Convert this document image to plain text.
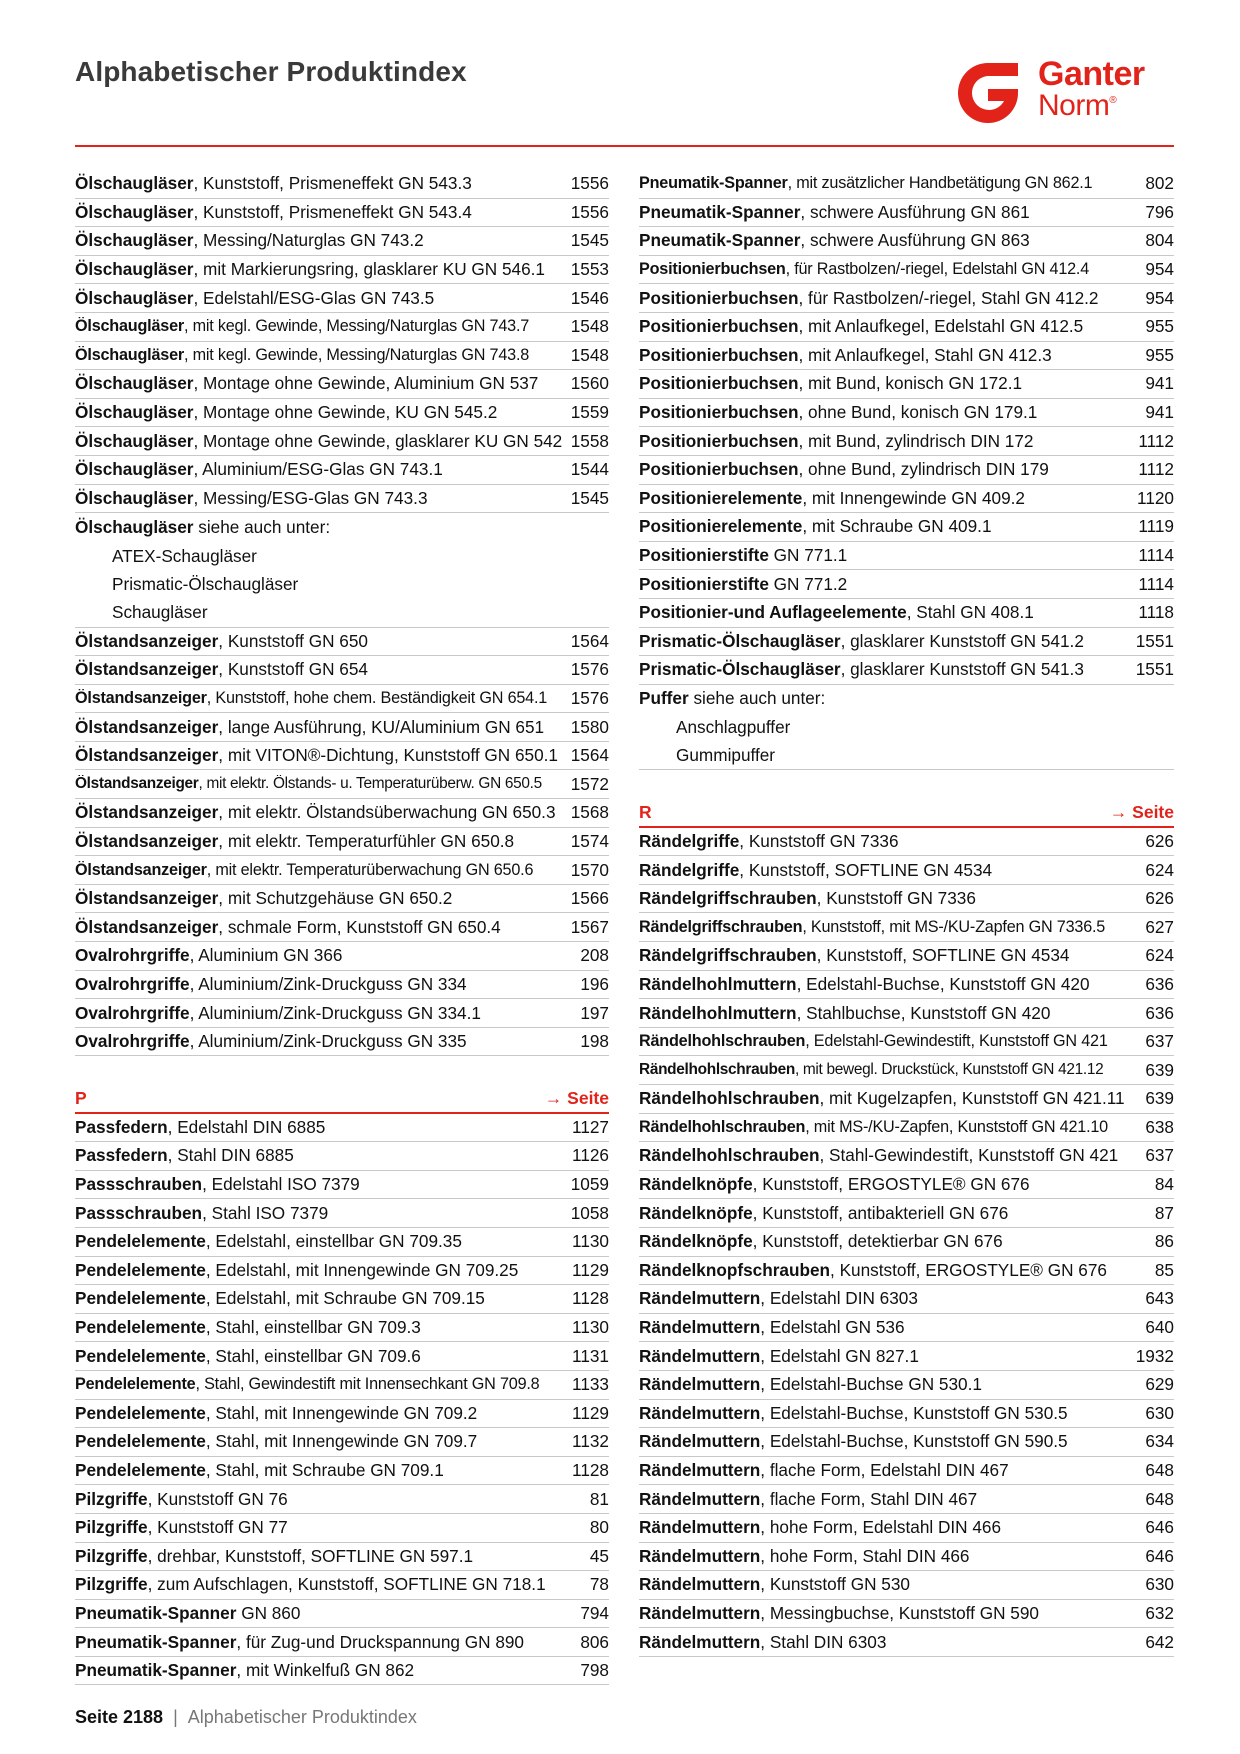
Alphabetischer Produktindex	Ganter
Norm®
Ölschaugläser, Kunststoff, Prismeneffekt GN 543.3	1556
Ölschaugläser, Kunststoff, Prismeneffekt GN 543.4	1556
Ölschaugläser, Messing/Naturglas GN 743.2	1545
Ölschaugläser, mit Markierungsring, glasklarer KU GN 546.1 1553
Ölschaugläser, Edelstahl/ESG-Glas GN 743.5	1546
Ölschaugläser, mit kegl. Gewinde, Messing/Naturglas GN 743.7 1548
Ölschaugläser, mit kegl. Gewinde, Messing/Naturglas GN 743.8 1548
Ölschaugläser, Montage ohne Gewinde, Aluminium GN 537 1560
Ölschaugläser, Montage ohne Gewinde, KU GN 545.2	1559
Ölschaugläser, Montage ohne Gewinde, glasklarer KU GN 542 1558
Ölschaugläser, Aluminium/ESG-Glas GN 743.1	1544
Ölschaugläser, Messing/ESG-Glas GN 743.3	1545
Ölschaugläser siehe auch unter:
ATEX-Schaugläser
Prismatic-Ölschaugläser
Schaugläser
Ölstandsanzeiger, Kunststoff GN 650	1564
Ölstandsanzeiger, Kunststoff GN 654	1576
Ölstandsanzeiger, Kunststoff, hohe chem. Beständigkeit GN 654.1 1576
Ölstandsanzeiger, lange Ausführung, KU/Aluminium GN 651 1580
Ölstandsanzeiger, mit VITON®-Dichtung, Kunststoff GN 650.1 1564
Ölstandsanzeiger, mit elektr. Ölstands- u. Temperaturüberw. GN 650.5 1572
Ölstandsanzeiger, mit elektr. Ölstandsüberwachung GN 650.3 1568
Ölstandsanzeiger, mit elektr. Temperaturfühler GN 650.8	1574
Ölstandsanzeiger, mit elektr. Temperaturüberwachung GN 650.6 1570
Ölstandsanzeiger, mit Schutzgehäuse GN 650.2	1566
Ölstandsanzeiger, schmale Form, Kunststoff GN 650.4	1567
Ovalrohrgriffe, Aluminium GN 366	208
Ovalrohrgriffe, Aluminium/Zink-Druckguss GN 334	196
Ovalrohrgriffe, Aluminium/Zink-Druckguss GN 334.1	197
Ovalrohrgriffe, Aluminium/Zink-Druckguss GN 335	198
P	→ Seite
Passfedern, Edelstahl DIN 6885	1127
Passfedern, Stahl DIN 6885	1126
Passschrauben, Edelstahl ISO 7379	1059
Passschrauben, Stahl ISO 7379	1058
Pendelelemente, Edelstahl, einstellbar GN 709.35	1130
Pendelelemente, Edelstahl, mit Innengewinde GN 709.25	1129
Pendelelemente, Edelstahl, mit Schraube GN 709.15	1128
Pendelelemente, Stahl, einstellbar GN 709.3	1130
Pendelelemente, Stahl, einstellbar GN 709.6	1131
Pendelelemente, Stahl, Gewindestift mit Innensechkant GN 709.8 1133
Pendelelemente, Stahl, mit Innengewinde GN 709.2	1129
Pendelelemente, Stahl, mit Innengewinde GN 709.7	1132
Pendelelemente, Stahl, mit Schraube GN 709.1	1128
Pilzgriffe, Kunststoff GN 76	81
Pilzgriffe, Kunststoff GN 77	80
Pilzgriffe, drehbar, Kunststoff, SOFTLINE GN 597.1	45
Pilzgriffe, zum Aufschlagen, Kunststoff, SOFTLINE GN 718.1	78
Pneumatik-Spanner GN 860	794
Pneumatik-Spanner, für Zug-und Druckspannung GN 890	806
Pneumatik-Spanner, mit Winkelfuß GN 862	798
Pneumatik-Spanner, mit zusätzlicher Handbetätigung GN 862.1	802
Pneumatik-Spanner, schwere Ausführung GN 861	796
Pneumatik-Spanner, schwere Ausführung GN 863	804
Positionierbuchsen, für Rastbolzen/-riegel, Edelstahl GN 412.4	954
Positionierbuchsen, für Rastbolzen/-riegel, Stahl GN 412.2	954
Positionierbuchsen, mit Anlaufkegel, Edelstahl GN 412.5	955
Positionierbuchsen, mit Anlaufkegel, Stahl GN 412.3	955
Positionierbuchsen, mit Bund, konisch GN 172.1	941
Positionierbuchsen, ohne Bund, konisch GN 179.1	941
Positionierbuchsen, mit Bund, zylindrisch DIN 172	1112
Positionierbuchsen, ohne Bund, zylindrisch DIN 179	1112
Positionierelemente, mit Innengewinde GN 409.2	1120
Positionierelemente, mit Schraube GN 409.1	1119
Positionierstifte GN 771.1	1114
Positionierstifte GN 771.2	1114
Positionier-und Auflageelemente, Stahl GN 408.1	1118
Prismatic-Ölschaugläser, glasklarer Kunststoff GN 541.2	1551
Prismatic-Ölschaugläser, glasklarer Kunststoff GN 541.3	1551
Puffer siehe auch unter:
Anschlagpuffer
Gummipuffer
R	→ Seite
Rändelgriffe, Kunststoff GN 7336	626
Rändelgriffe, Kunststoff, SOFTLINE GN 4534	624
Rändelgriffschrauben, Kunststoff GN 7336	626
Rändelgriffschrauben, Kunststoff, mit MS-/KU-Zapfen GN 7336.5	627
Rändelgriffschrauben, Kunststoff, SOFTLINE GN 4534	624
Rändelhohlmuttern, Edelstahl-Buchse, Kunststoff GN 420	636
Rändelhohlmuttern, Stahlbuchse, Kunststoff GN 420	636
Rändelhohlschrauben, Edelstahl-Gewindestift, Kunststoff GN 421	637
Rändelhohlschrauben, mit bewegl. Druckstück, Kunststoff GN 421.12	639
Rändelhohlschrauben, mit Kugelzapfen, Kunststoff GN 421.11	639
Rändelhohlschrauben, mit MS-/KU-Zapfen, Kunststoff GN 421.10	638
Rändelhohlschrauben, Stahl-Gewindestift, Kunststoff GN 421	637
Rändelknöpfe, Kunststoff, ERGOSTYLE® GN 676	84
Rändelknöpfe, Kunststoff, antibakteriell GN 676	87
Rändelknöpfe, Kunststoff, detektierbar GN 676	86
Rändelknopfschrauben, Kunststoff, ERGOSTYLE® GN 676	85
Rändelmuttern, Edelstahl DIN 6303	643
Rändelmuttern, Edelstahl GN 536	640
Rändelmuttern, Edelstahl GN 827.1	1932
Rändelmuttern, Edelstahl-Buchse GN 530.1	629
Rändelmuttern, Edelstahl-Buchse, Kunststoff GN 530.5	630
Rändelmuttern, Edelstahl-Buchse, Kunststoff GN 590.5	634
Rändelmuttern, flache Form, Edelstahl DIN 467	648
Rändelmuttern, flache Form, Stahl DIN 467	648
Rändelmuttern, hohe Form, Edelstahl DIN 466	646
Rändelmuttern, hohe Form, Stahl DIN 466	646
Rändelmuttern, Kunststoff GN 530	630
Rändelmuttern, Messingbuchse, Kunststoff GN 590	632
Rändelmuttern, Stahl DIN 6303	642
Seite 2188 | Alphabetischer Produktindex
